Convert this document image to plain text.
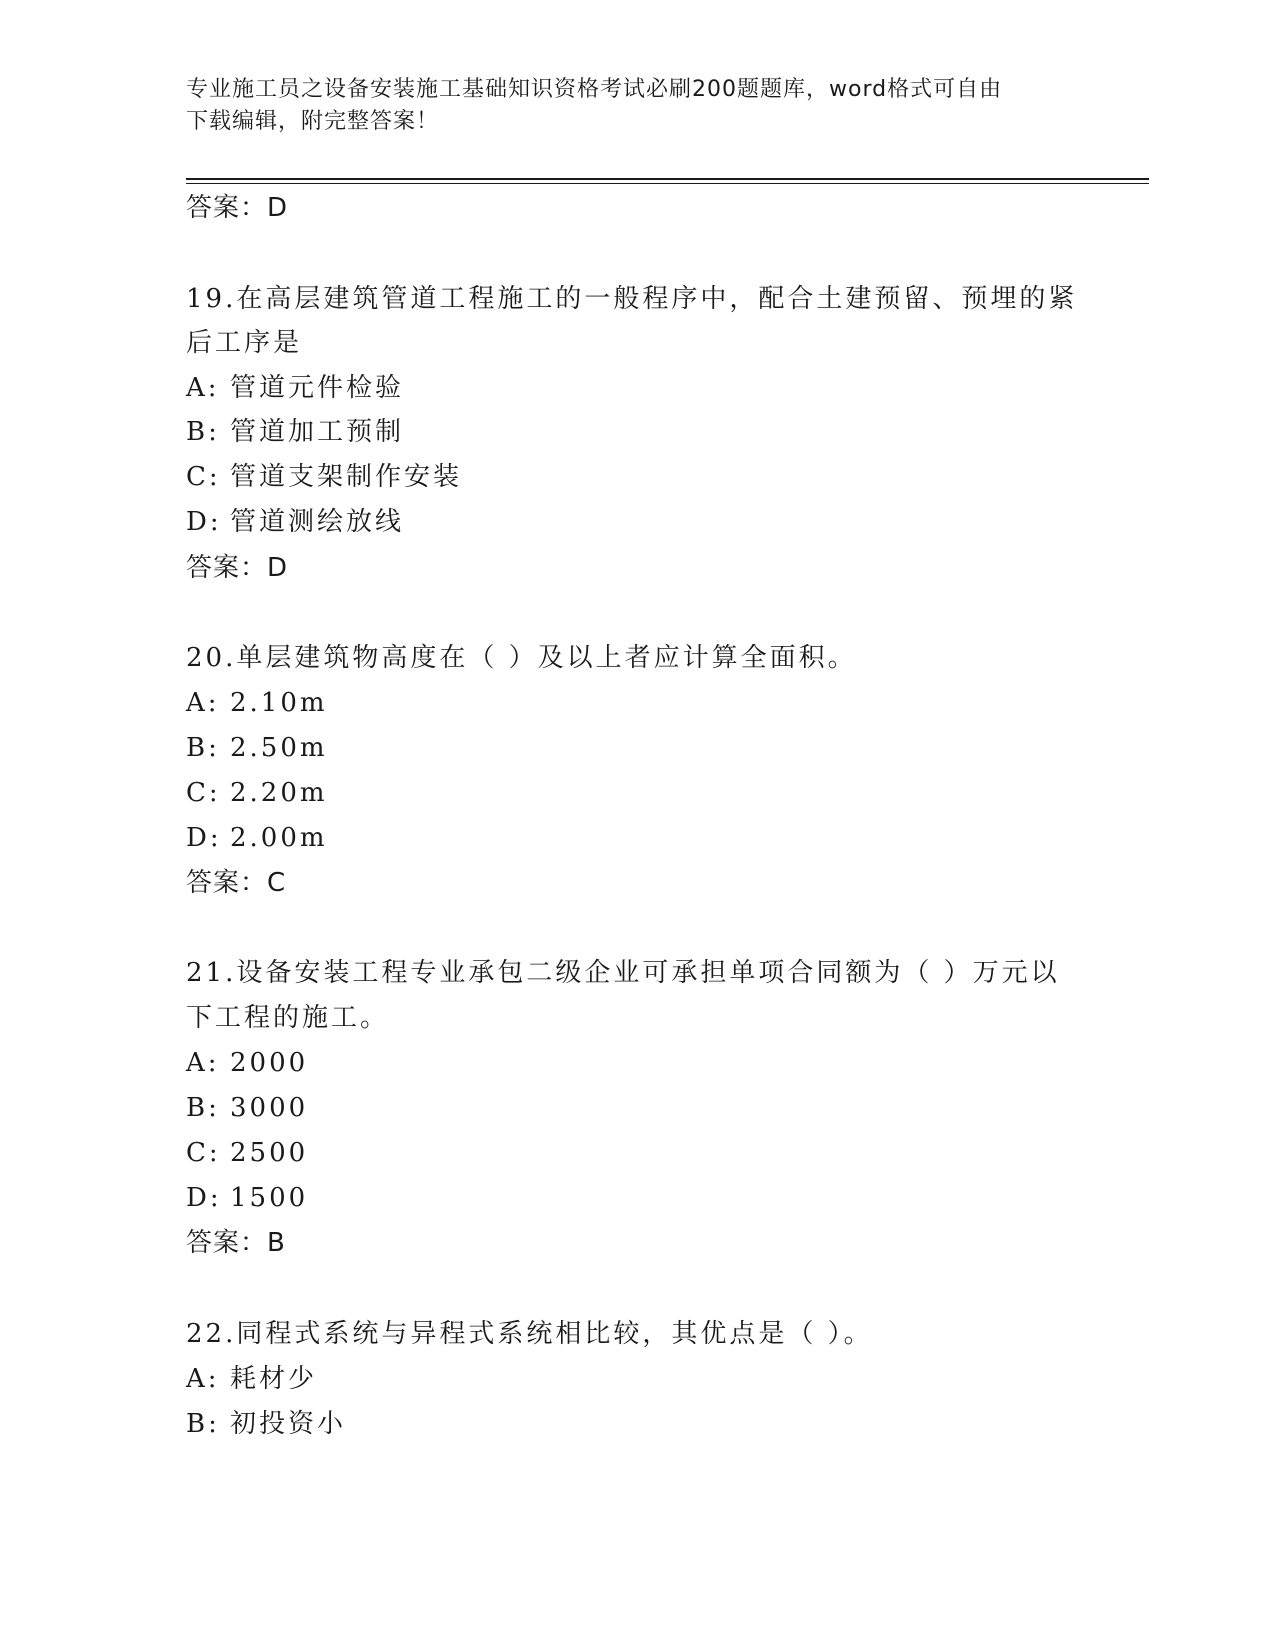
专业施工员之设备安装施工基础知识资格考试必刷200题题库，word格式可自由
下载编辑，附完整答案！
答案：D
19.在高层建筑管道工程施工的一般程序中，配合土建预留、预埋的紧
后工序是
A: 管道元件检验
B: 管道加工预制
C: 管道支架制作安装
D: 管道测绘放线
答案：D
20.单层建筑物高度在（ ）及以上者应计算全面积。
A: 2.10m
B: 2.50m
C: 2.20m
D: 2.00m
答案：C
21.设备安装工程专业承包二级企业可承担单项合同额为（ ）万元以
下工程的施工。
A: 2000
B: 3000
C: 2500
D: 1500
答案：B
22.同程式系统与异程式系统相比较，其优点是（ ）。
A: 耗材少
B: 初投资小
